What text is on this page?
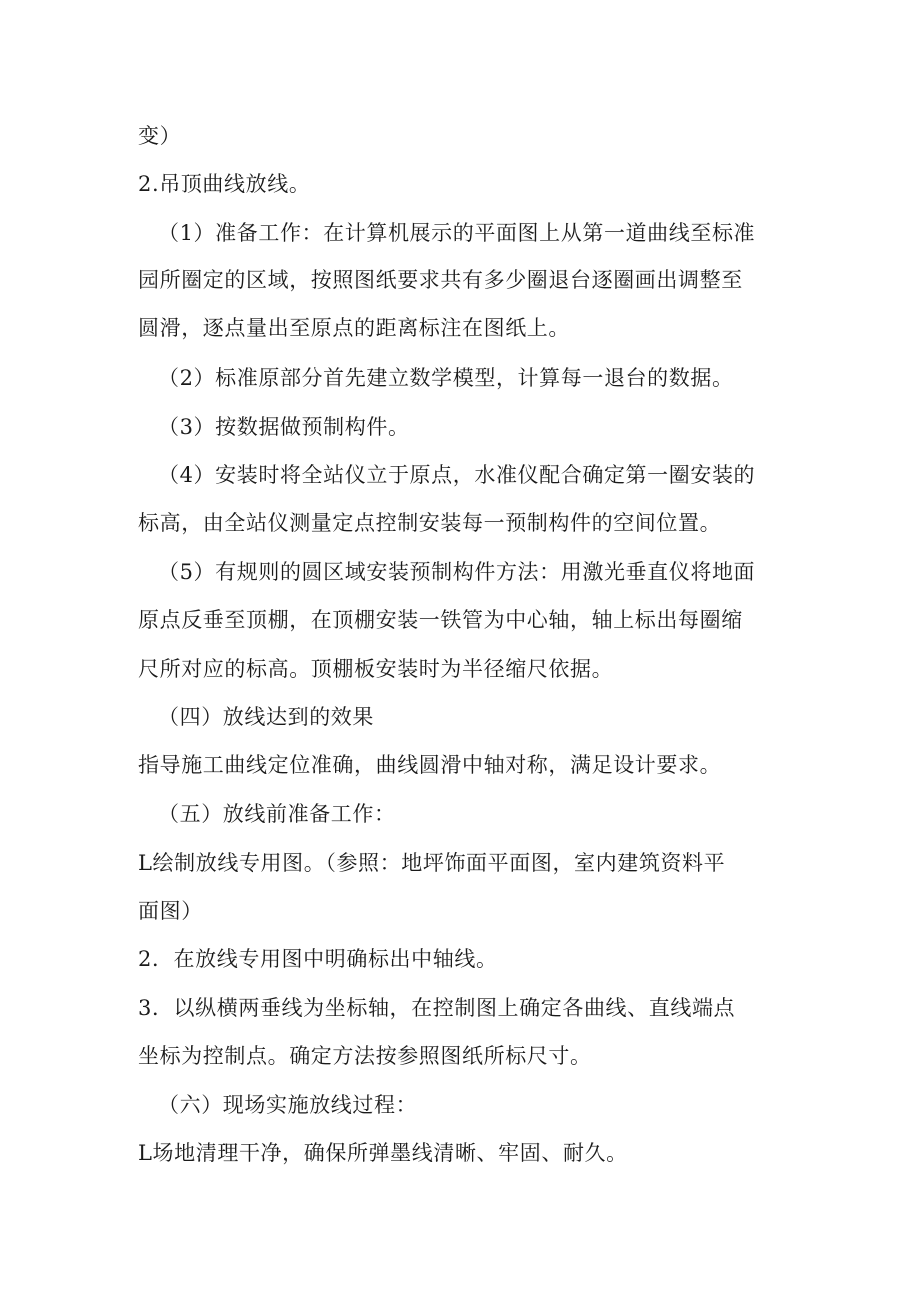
变）
2.吊顶曲线放线。
（1）准备工作：在计算机展示的平面图上从第一道曲线至标准
园所圈定的区域，按照图纸要求共有多少圈退台逐圈画出调整至
圆滑，逐点量出至原点的距离标注在图纸上。
（2）标准原部分首先建立数学模型，计算每一退台的数据。
（3）按数据做预制构件。
（4）安装时将全站仪立于原点，水准仪配合确定第一圈安装的
标高，由全站仪测量定点控制安装每一预制构件的空间位置。
（5）有规则的圆区域安装预制构件方法：用激光垂直仪将地面
原点反垂至顶棚，在顶棚安装一铁管为中心轴，轴上标出每圈缩
尺所对应的标高。顶棚板安装时为半径缩尺依据。
（四）放线达到的效果
指导施工曲线定位准确，曲线圆滑中轴对称，满足设计要求。
（五）放线前准备工作：
L绘制放线专用图。（参照：地坪饰面平面图，室内建筑资料平
面图）
2．在放线专用图中明确标出中轴线。
3．以纵横两垂线为坐标轴，在控制图上确定各曲线、直线端点
坐标为控制点。确定方法按参照图纸所标尺寸。
（六）现场实施放线过程：
L场地清理干净，确保所弹墨线清晰、牢固、耐久。
